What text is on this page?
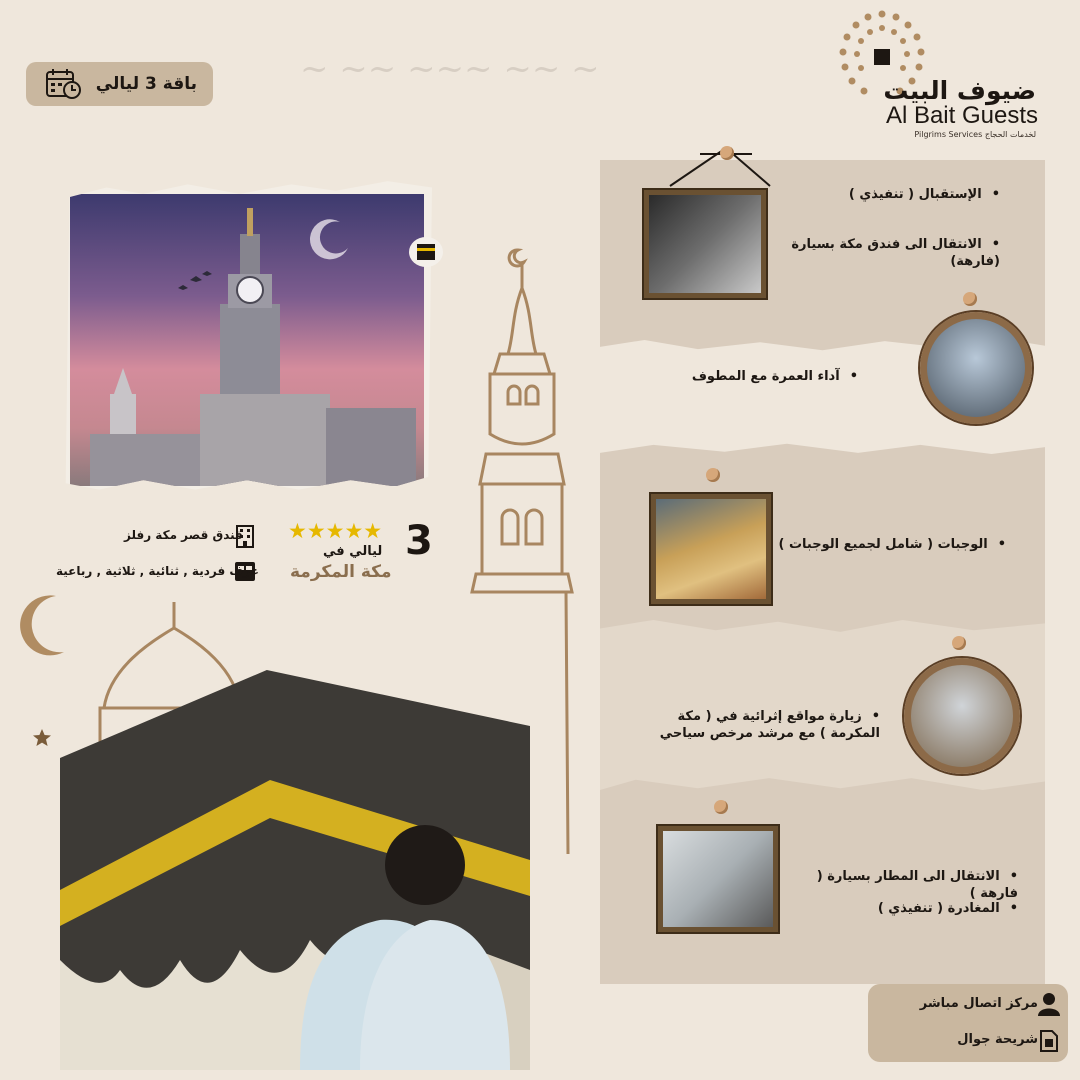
~ ~~ ~~~ ~~ ~
باقة 3 ليالي	ضيوف البيت
Al Bait Guests
Pilgrims Services لخدمات الحجاج
3
★★★★★
ليالي في
مكة المكرمة
فندق قصر مكة رفلز
غرف فردية , ثنائية , ثلاثية , رباعية
• الإستقبال ( تنفيذي )
• الانتقال الى فندق مكة بسيارة (فارهة)
• آداء العمرة مع المطوف
• الوجبات ( شامل لجميع الوجبات )
• زيارة مواقع إثرائية في ( مكة المكرمة ) مع مرشد مرخص سياحي
• الانتقال الى المطار بسيارة ( فارهة )
• المغادرة ( تنفيذي )
مركز اتصال مباشر
شريحة جوال
